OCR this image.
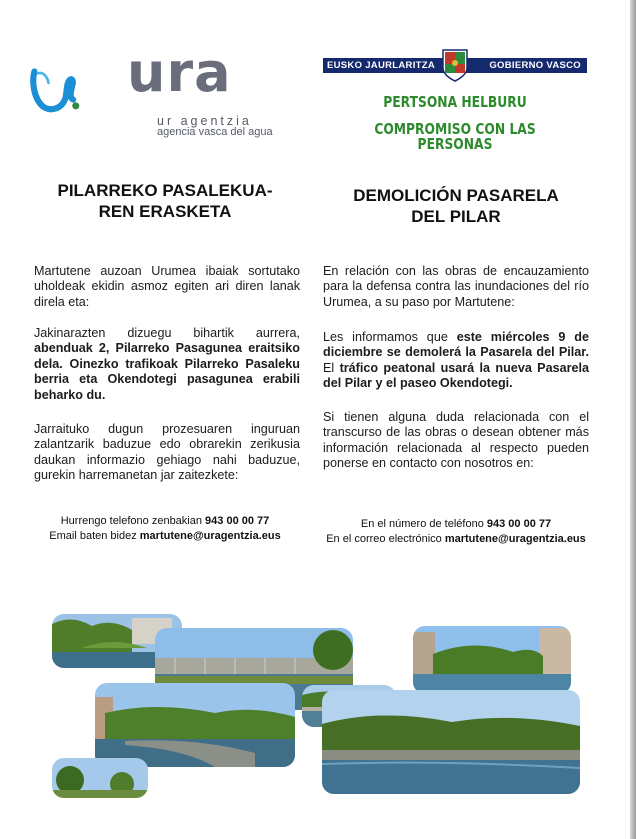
ura
ur agentzia
agencia vasca del agua
EUSKO JAURLARITZA	GOBIERNO VASCO
PERTSONA HELBURU
COMPROMISO CON LAS PERSONAS
PILARREKO PASALEKUA-
REN ERASKETA

Martutene auzoan Urumea ibaiak sortutako uholdeak ekidin asmoz egiten ari diren lanak direla eta:

Jakinarazten dizuegu bihartik aurrera, abenduak 2, Pilarreko Pasagunea eraitsiko dela. Oinezko trafikoak Pilarreko Pasaleku berria eta Okendotegi pasagunea erabili beharko du.

Jarraituko dugun prozesuaren inguruan zalantzarik baduzue edo obrarekin zerikusia daukan informazio gehiago nahi baduzue, gurekin harremanetan jar zaitezkete:

Hurrengo telefono zenbakian 943 00 00 77
Email baten bidez martutene@uragentzia.eus
DEMOLICIÓN PASARELA
DEL PILAR

En relación con las obras de encauzamiento para la defensa contra las inundaciones del río Urumea, a su paso por Martutene:

Les informamos que este miércoles 9 de diciembre se demolerá la Pasarela del Pilar. El tráfico peatonal usará la nueva Pasarela del Pilar y el paseo Okendotegi.

Si tienen alguna duda relacionada con el transcurso de las obras o desean obtener más información relacionada al respecto pueden ponerse en contacto con nosotros en:

En el número de teléfono 943 00 00 77
En el correo electrónico martutene@uragentzia.eus
